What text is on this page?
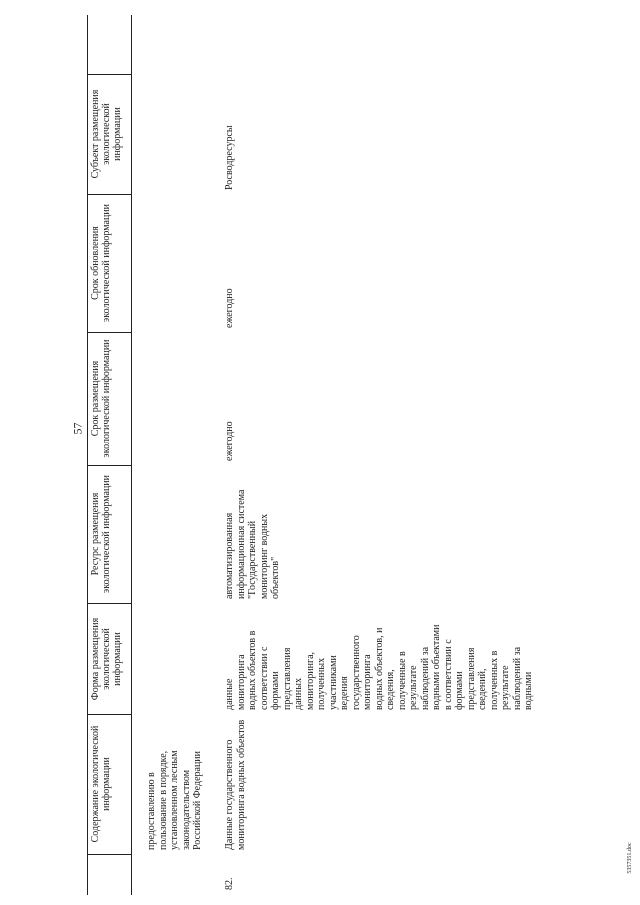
57
5357351.doc
Содержание экологической информации
Форма размещения экологической информации
Ресурс размещения экологической информации
Срок размещения экологической информации
Срок обновления экологической информации
Субъект размещения экологической информации
предоставлению в пользование в порядке, установленном лесным законодательством Российской Федерации
82.
Данные государственного мониторинга водных объектов
данные мониторинга водных объектов в соответствии с формами представления данных мониторинга, полученных участниками ведения государственного мониторинга водных объектов, и сведения, полученные в результате наблюдений за водными объектами в соответствии с формами представления сведений, полученных в результате наблюдений за водными
автоматизированная информационная система "Государственный мониторинг водных объектов"
ежегодно
ежегодно
Росводресурсы
